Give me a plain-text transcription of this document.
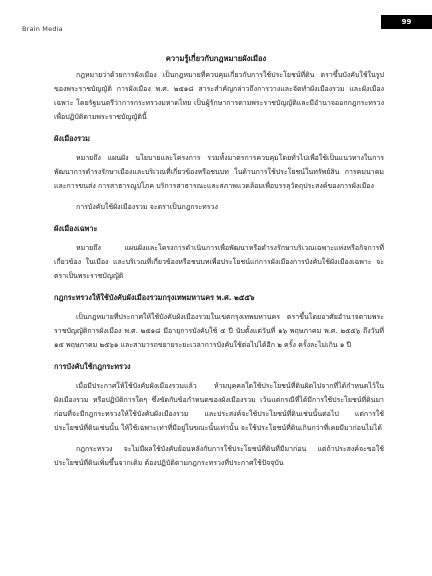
Brain Media
99
ความรู้เกี่ยวกับกฎหมายผังเมือง

กฎหมายว่าด้วยการผังเมือง เป็นกฎหมายที่ควบคุมเกี่ยวกับการใช้ประโยชน์ที่ดิน ตราขึ้นบังคับใช้ในรูปของพระราชบัญญัติ การผังเมือง พ.ศ. ๒๕๑๘ สาระสำคัญกล่าวถึงการวางและจัดทำผังเมืองรวม และผังเมืองเฉพาะ โดยรัฐมนตรีว่าการกระทรวงมหาดไทย เป็นผู้รักษาการตามพระราชบัญญัติและมีอำนาจออกกฎกระทรวงเพื่อปฏิบัติตามพระราชบัญญัตินี้

ผังเมืองรวม

หมายถึง แผนผัง นโยบายและโครงการ รวมทั้งมาตรการควบคุมโดยทั่วไปเพื่อใช้เป็นแนวทางในการพัฒนาการดำรงรักษาเมืองและบริเวณที่เกี่ยวข้องหรือชนบท ในด้านการใช้ประโยชน์ในทรัพย์สิน การคมนาคม และการขนส่ง การสาธารณูปโภค บริการสาธารณะและสภาพแวดล้อมเพื่อบรรลุวัตถุประสงค์ของการผังเมือง

การบังคับใช้ผังเมืองรวม จะตราเป็นกฎกระทรวง

ผังเมืองเฉพาะ

หมายถึง แผนผังและโครงการดำเนินการเพื่อพัฒนาหรือดำรงรักษาบริเวณเฉพาะแห่งหรือกิจการที่เกี่ยวข้อง ในเมือง และบริเวณที่เกี่ยวข้องหรือชนบทเพื่อประโยชน์แก่การผังเมืองการบังคับใช้ผังเมืองเฉพาะ จะตราเป็นพระราชบัญญัติ

กฎกระทรวงให้ใช้บังคับผังเมืองรวมกรุงเทพมหานคร พ.ศ. ๒๕๕๖

เป็นกฎหมายที่ประกาศให้ใช้บังคับผังเมืองรวมในเขตกรุงเทพมหานคร ตราขึ้นโดยอาศัยอำนาจตามพระราชบัญญัติการผังเมือง พ.ศ. ๒๕๑๘ มีอายุการบังคับใช้ ๕ ปี นับตั้งแต่วันที่ ๑๖ พฤษภาคม พ.ศ. ๒๕๕๖ ถึงวันที่ ๑๕ พฤษภาคม ๒๕๖๑ และสามารถขยายระยะเวลาการบังคับใช้ต่อไปได้อีก ๒ ครั้ง ครั้งละไม่เกิน ๑ ปี

การบังคับใช้กฎกระทรวง

เมื่อมีประกาศให้ใช้บังคับผังเมืองรวมแล้ว ห้ามบุคคลใดใช้ประโยชน์ที่ดินผิดไปจากที่ได้กำหนดไว้ในผังเมืองรวม หรือปฏิบัติการใดๆ ซึ่งขัดกับข้อกำหนดของผังเมืองรวม เว้นแต่กรณีที่ได้มีการใช้ประโยชน์ที่ดินมาก่อนที่จะมีกฎกระทรวงให้ใช้บังคับผังเมืองรวม และประสงค์จะใช้ประโยชน์ที่ดินเช่นนั้นต่อไป แต่การใช้ประโยชน์ที่ดินเช่นนั้น ให้ใช้เฉพาะเท่าที่มีอยู่ในขณะนั้นเท่านั้น จะใช้ประโยชน์ที่ดินเกินกว่าที่เคยมีมาก่อนไม่ได้

กฎกระทรวง จะไม่มีผลใช้บังคับย้อนหลังกับการใช้ประโยชน์ที่ดินที่มีมาก่อน แต่ถ้าประสงค์จะขอใช้ประโยชน์ที่ดินเพิ่มขึ้นจากเดิม ต้องปฏิบัติตามกฎกระทรวงที่ประกาศใช้ปัจจุบัน
